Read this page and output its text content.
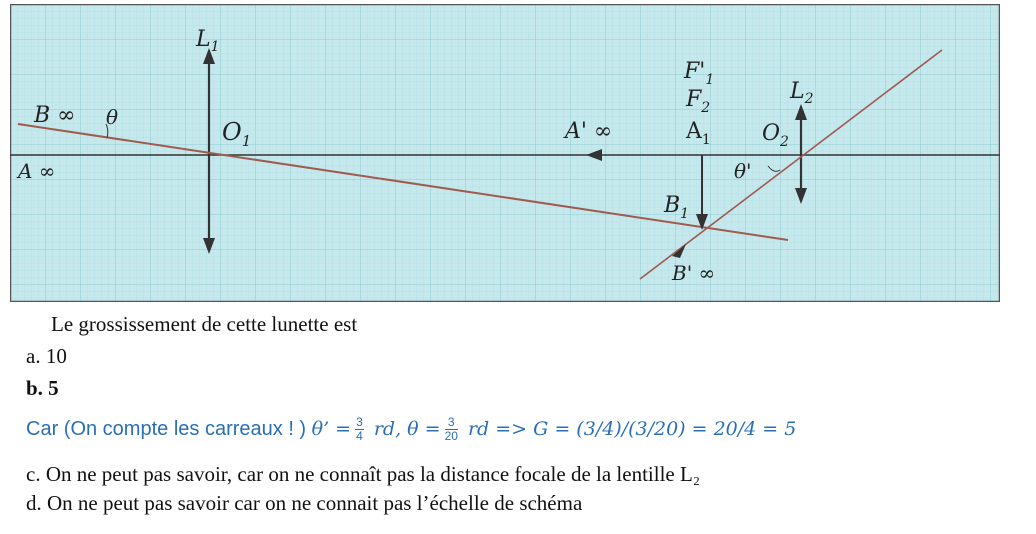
$L_1$
$O_1$
B ∞ θ
A ∞
A' ∞
$F'_1$
$F_2$
$A_1$
$L_2$
$O_2$
θ'
$B_1$
B' ∞
Le grossissement de cette lunette est
a. 10
b. 5
Car (On compte les carreaux ! ) θ’ = $\frac{3}{4}$ rd, $\theta = \frac{3}{20}$ rd => G = (3/4)/(3/20) = 20/4 = 5
c. On ne peut pas savoir, car on ne connaît pas la distance focale de la lentille L₂
d. On ne peut pas savoir car on ne connait pas l’échelle de schéma
